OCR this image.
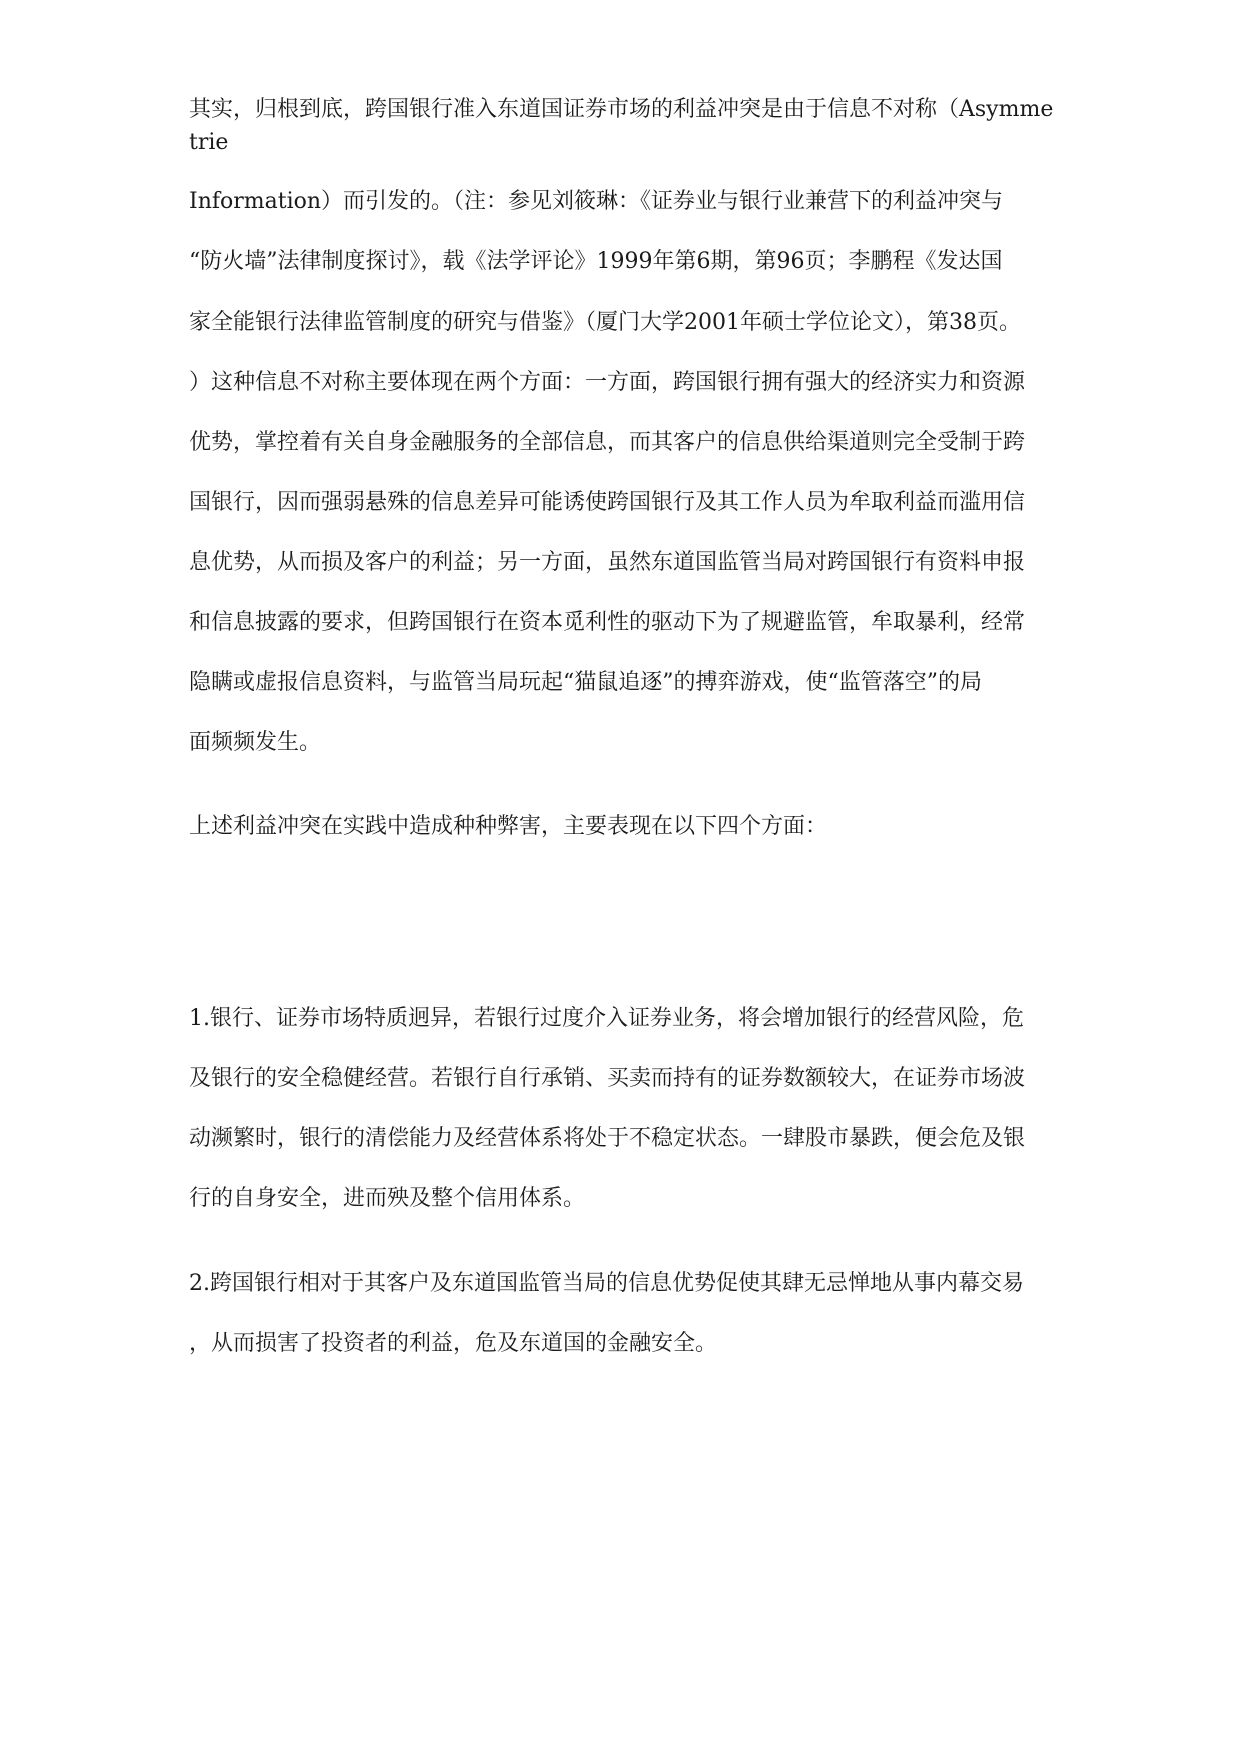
其实，归根到底，跨国银行准入东道国证券市场的利益冲突是由于信息不对称（Asymme

trie

Information）而引发的。（注：参见刘筱琳：《证券业与银行业兼营下的利益冲突与

“防火墙”法律制度探讨》，载《法学评论》1999年第6期，第96页；李鹏程《发达国

家全能银行法律监管制度的研究与借鉴》（厦门大学2001年硕士学位论文），第38页。

）这种信息不对称主要体现在两个方面：一方面，跨国银行拥有强大的经济实力和资源

优势，掌控着有关自身金融服务的全部信息，而其客户的信息供给渠道则完全受制于跨

国银行，因而强弱悬殊的信息差异可能诱使跨国银行及其工作人员为牟取利益而滥用信

息优势，从而损及客户的利益；另一方面，虽然东道国监管当局对跨国银行有资料申报

和信息披露的要求，但跨国银行在资本觅利性的驱动下为了规避监管，牟取暴利，经常

隐瞒或虚报信息资料，与监管当局玩起“猫鼠追逐”的搏弈游戏，使“监管落空”的局

面频频发生。

上述利益冲突在实践中造成种种弊害，主要表现在以下四个方面：

1.银行、证券市场特质迥异，若银行过度介入证券业务，将会增加银行的经营风险，危

及银行的安全稳健经营。若银行自行承销、买卖而持有的证券数额较大，在证券市场波

动濒繁时，银行的清偿能力及经营体系将处于不稳定状态。一肆股市暴跌，便会危及银

行的自身安全，进而殃及整个信用体系。

2.跨国银行相对于其客户及东道国监管当局的信息优势促使其肆无忌惮地从事内幕交易

，从而损害了投资者的利益，危及东道国的金融安全。
